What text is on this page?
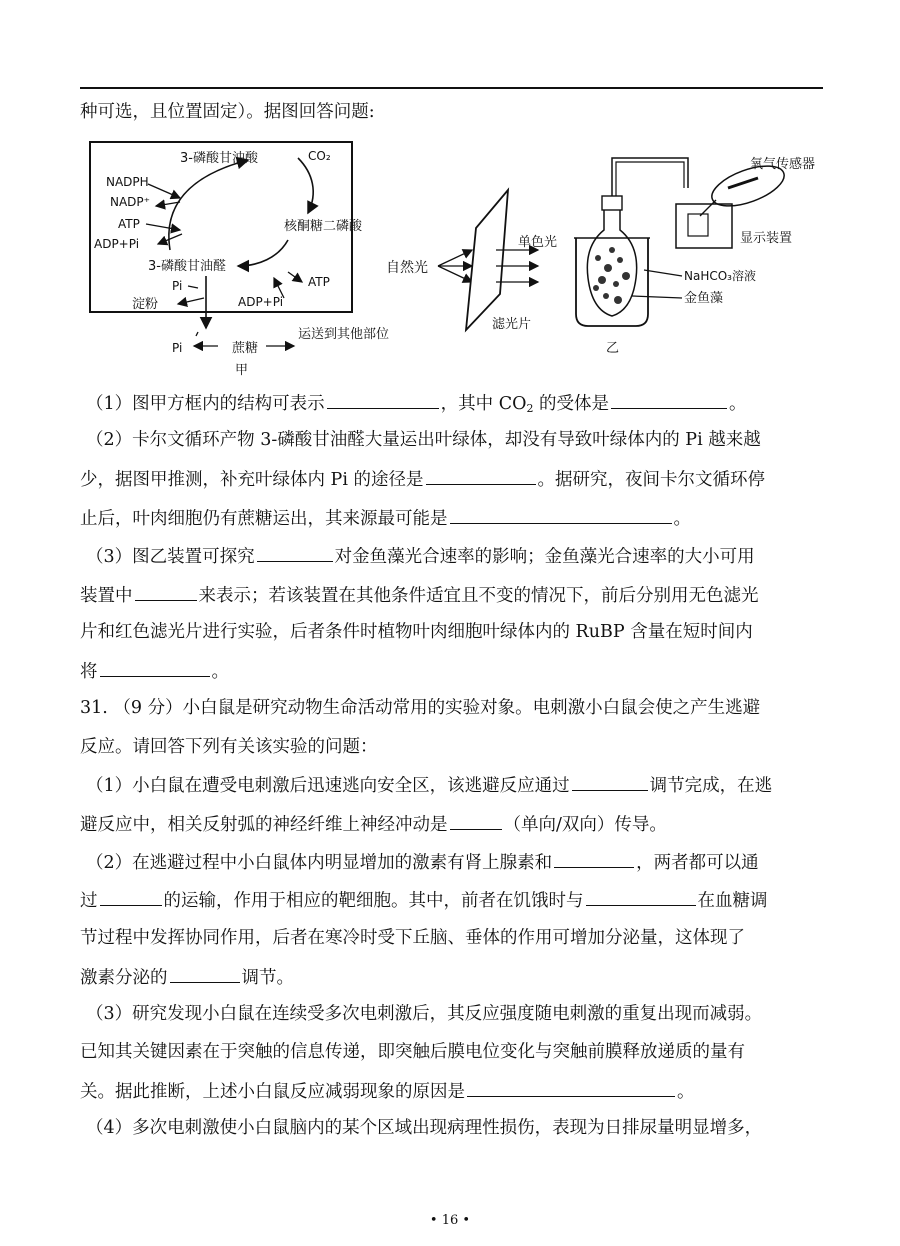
种可选，且位置固定）。据图回答问题:
3-磷酸甘油酸	CO₂
NADPH
NADP⁺
ATP
ADP+Pi
核酮糖二磷酸
3-磷酸甘油醛
ATP
ADP+Pi
Pi
淀粉
Pi	蔗糖
运送到其他部位
甲
自然光
单色光
滤光片
氧气传感器
显示装置
NaHCO₃溶液
金鱼藻
乙
（1）图甲方框内的结构可表示	，其中 $CO_2$ 的受体是	。
（2）卡尔文循环产物 3-磷酸甘油醛大量运出叶绿体，却没有导致叶绿体内的 Pi 越来越
少，据图甲推测，补充叶绿体内 Pi 的途径是	。据研究，夜间卡尔文循环停
止后，叶肉细胞仍有蔗糖运出，其来源最可能是	。
（3）图乙装置可探究	对金鱼藻光合速率的影响；金鱼藻光合速率的大小可用
装置中	来表示；若该装置在其他条件适宜且不变的情况下，前后分别用无色滤光
片和红色滤光片进行实验，后者条件时植物叶肉细胞叶绿体内的 RuBP 含量在短时间内
将	。
31. （9 分）小白鼠是研究动物生命活动常用的实验对象。电刺激小白鼠会使之产生逃避
反应。请回答下列有关该实验的问题：
（1）小白鼠在遭受电刺激后迅速逃向安全区，该逃避反应通过	调节完成，在逃
避反应中，相关反射弧的神经纤维上神经冲动是	（单向/双向）传导。
（2）在逃避过程中小白鼠体内明显增加的激素有肾上腺素和	，两者都可以通
过	的运输，作用于相应的靶细胞。其中，前者在饥饿时与	在血糖调
节过程中发挥协同作用，后者在寒冷时受下丘脑、垂体的作用可增加分泌量，这体现了
激素分泌的	调节。
（3）研究发现小白鼠在连续受多次电刺激后，其反应强度随电刺激的重复出现而减弱。
已知其关键因素在于突触的信息传递，即突触后膜电位变化与突触前膜释放递质的量有
关。据此推断，上述小白鼠反应减弱现象的原因是	。
（4）多次电刺激使小白鼠脑内的某个区域出现病理性损伤，表现为日排尿量明显增多，
• 16 •
